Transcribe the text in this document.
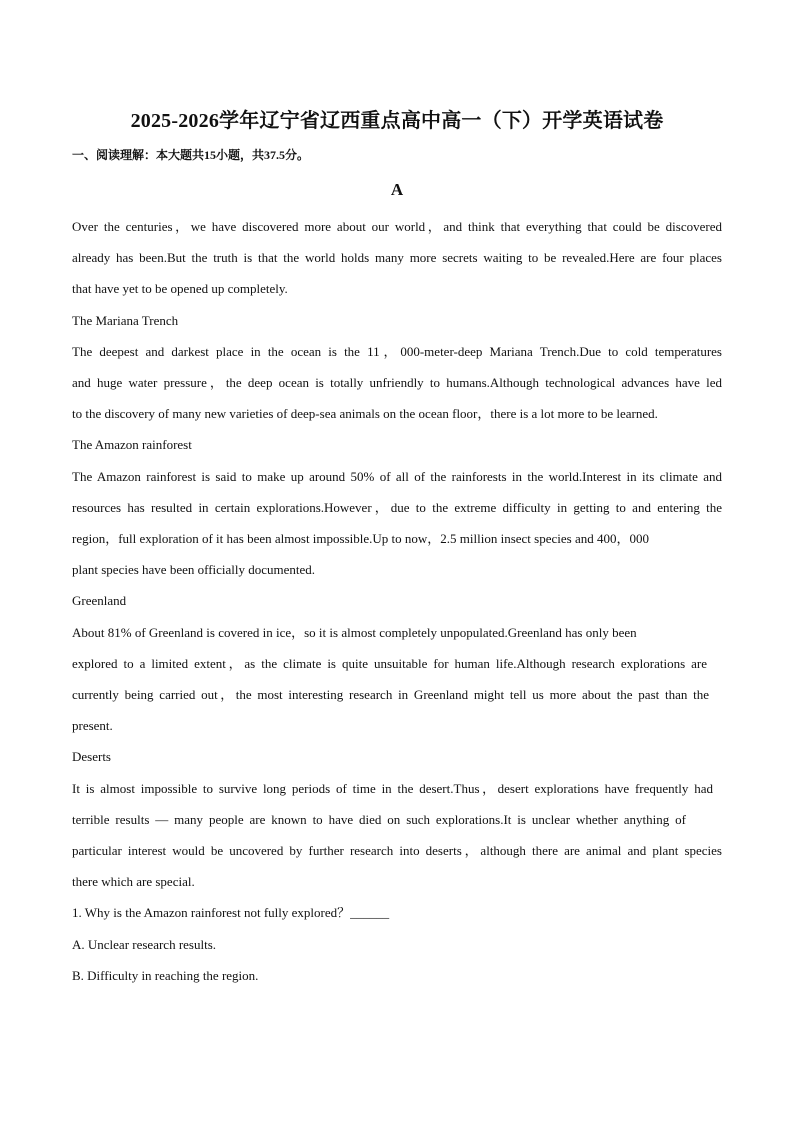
2025-2026学年辽宁省辽西重点高中高一（下）开学英语试卷
一、阅读理解：本大题共15小题，共37.5分。
A
Over the centuries，we have discovered more about our world，and think that everything that could be discovered
already has been.But the truth is that the world holds many more secrets waiting to be revealed.Here are four places
that have yet to be opened up completely.
The Mariana Trench
The deepest and darkest place in the ocean is the 11，000-meter-deep Mariana Trench.Due to cold temperatures
and huge water pressure，the deep ocean is totally unfriendly to humans.Although technological advances have led
to the discovery of many new varieties of deep-sea animals on the ocean floor，there is a lot more to be learned.
The Amazon rainforest
The Amazon rainforest is said to make up around 50% of all of the rainforests in the world.Interest in its climate and
resources has resulted in certain explorations.However，due to the extreme difficulty in getting to and entering the
region，full exploration of it has been almost impossible.Up to now，2.5 million insect species and 400，000
plant species have been officially documented.
Greenland
About 81% of Greenland is covered in ice，so it is almost completely unpopulated.Greenland has only been
explored to a limited extent，as the climate is quite unsuitable for human life.Although research explorations are
currently being carried out，the most interesting research in Greenland might tell us more about the past than the
present.
Deserts
It is almost impossible to survive long periods of time in the desert.Thus，desert explorations have frequently had
terrible results — many people are known to have died on such explorations.It is unclear whether anything of
particular interest would be uncovered by further research into deserts，although there are animal and plant species
there which are special.
1. Why is the Amazon rainforest not fully explored？______
A. Unclear research results.
B. Difficulty in reaching the region.
